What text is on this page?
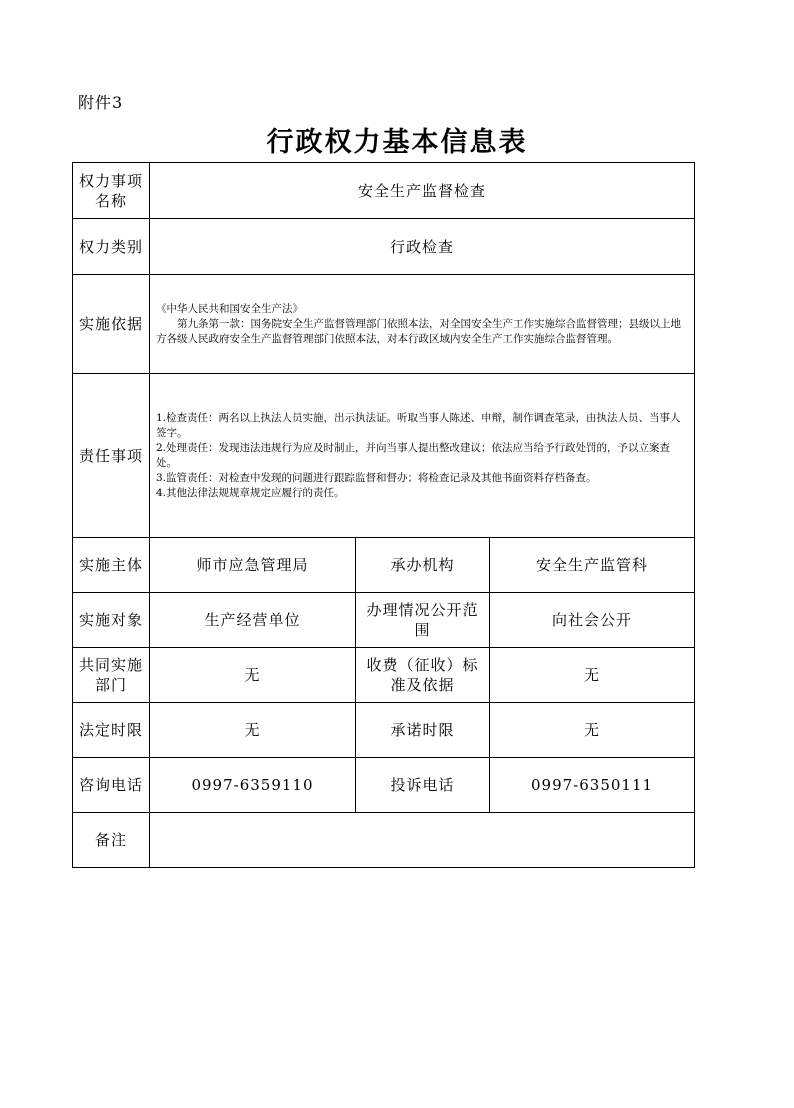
附件3
行政权力基本信息表
权力事项名称	安全生产监督检查		
权力类别	行政检查		
实施依据	《中华人民共和国安全生产法》
第九条第一款：国务院安全生产监督管理部门依照本法，对全国安全生产工作实施综合监督管理；县级以上地方各级人民政府安全生产监督管理部门依照本法，对本行政区域内安全生产工作实施综合监督管理。		

责任事项	1.检查责任：两名以上执法人员实施，出示执法证。听取当事人陈述、申辩，制作调查笔录，由执法人员、当事人签字。
2.处理责任：发现违法违规行为应及时制止，并向当事人提出整改建议；依法应当给予行政处罚的，予以立案查处。
3.监管责任：对检查中发现的问题进行跟踪监督和督办；将检查记录及其他书面资料存档备查。
4.其他法律法规规章规定应履行的责任。		

实施主体	师市应急管理局	承办机构	安全生产监管科
实施对象	生产经营单位	办理情况公开范围	向社会公开
共同实施部门	无	收费（征收）标准及依据	无
法定时限	无	承诺时限	无
咨询电话	0997-6359110	投诉电话	0997-6350111
备注			
